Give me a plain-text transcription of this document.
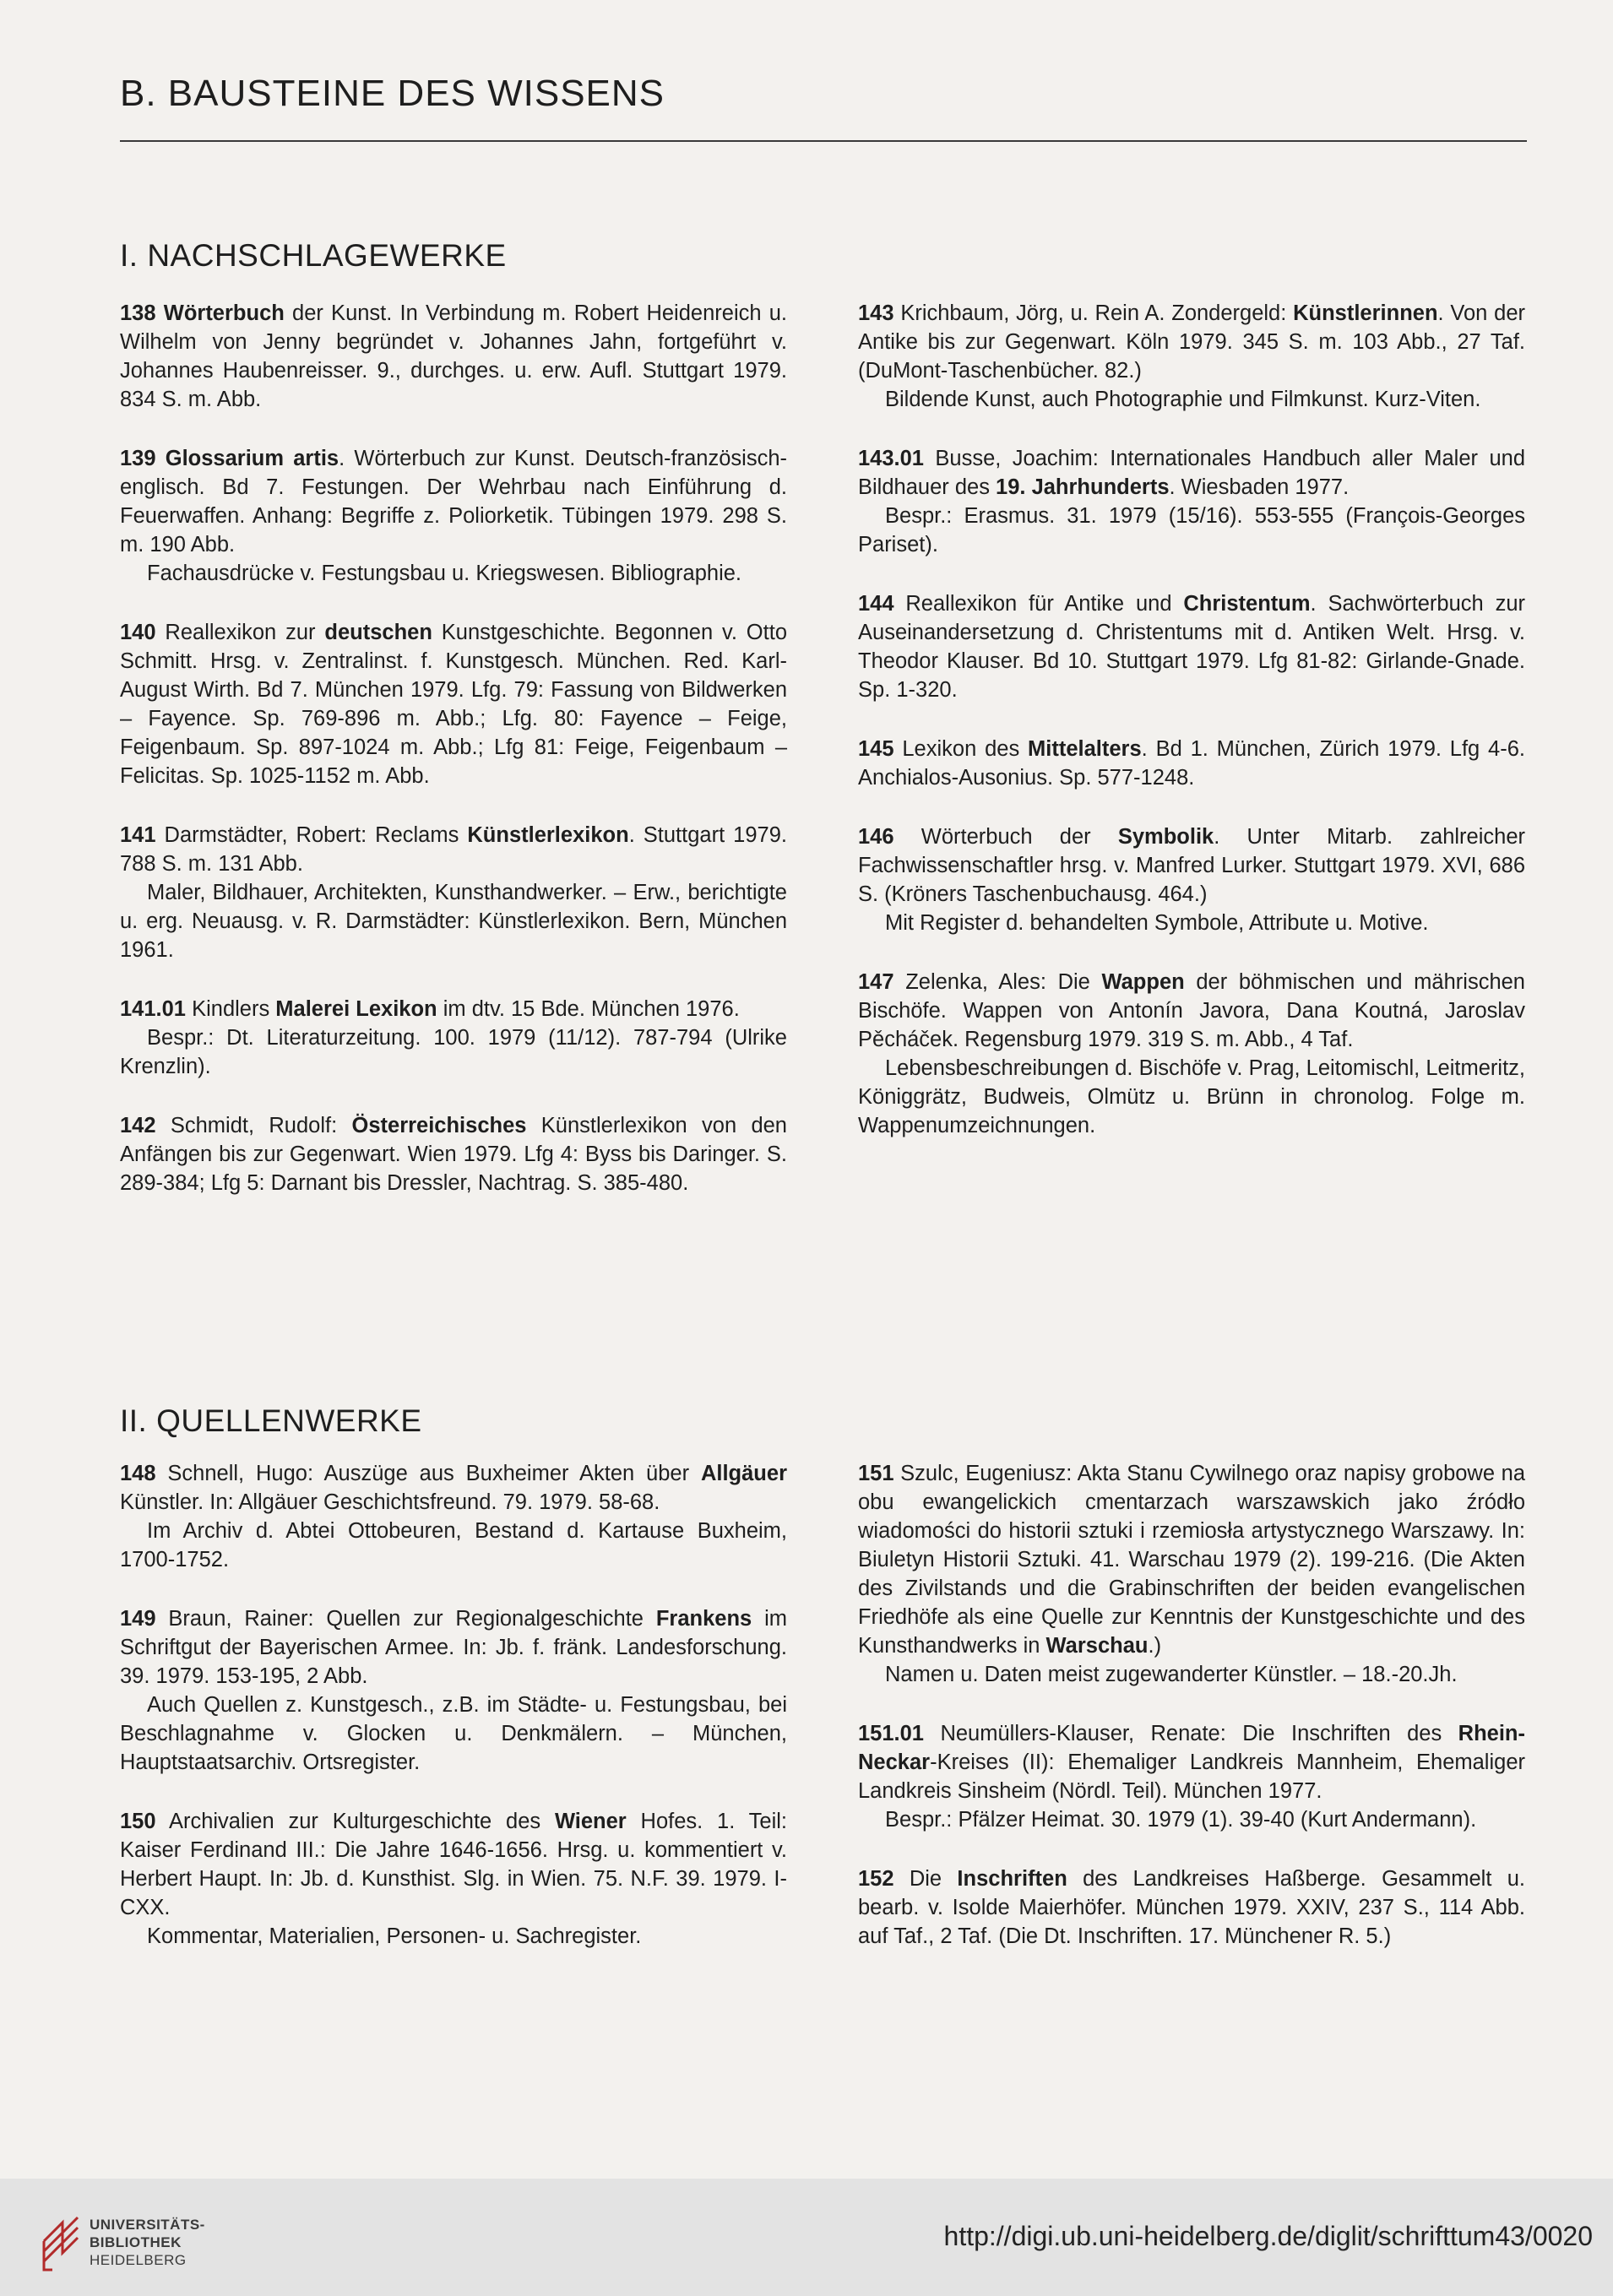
B. BAUSTEINE DES WISSENS
I. NACHSCHLAGEWERKE

138 Wörterbuch der Kunst. In Verbindung m. Robert Heidenreich u. Wilhelm von Jenny begründet v. Johannes Jahn, fortgeführt v. Johannes Haubenreisser. 9., durchges. u. erw. Aufl. Stuttgart 1979. 834 S. m. Abb.

139 Glossarium artis. Wörterbuch zur Kunst. Deutsch-französisch-englisch. Bd 7. Festungen. Der Wehrbau nach Einführung d. Feuerwaffen. Anhang: Begriffe z. Poliorketik. Tübingen 1979. 298 S. m. 190 Abb.

Fachausdrücke v. Festungsbau u. Kriegswesen. Bibliographie.

140 Reallexikon zur deutschen Kunstgeschichte. Begonnen v. Otto Schmitt. Hrsg. v. Zentralinst. f. Kunstgesch. München. Red. Karl-August Wirth. Bd 7. München 1979. Lfg. 79: Fassung von Bildwerken – Fayence. Sp. 769-896 m. Abb.; Lfg. 80: Fayence – Feige, Feigenbaum. Sp. 897-1024 m. Abb.; Lfg 81: Feige, Feigenbaum – Felicitas. Sp. 1025-1152 m. Abb.

141 Darmstädter, Robert: Reclams Künstlerlexikon. Stuttgart 1979. 788 S. m. 131 Abb.

Maler, Bildhauer, Architekten, Kunsthandwerker. – Erw., berichtigte u. erg. Neuausg. v. R. Darmstädter: Künstlerlexikon. Bern, München 1961.

141.01 Kindlers Malerei Lexikon im dtv. 15 Bde. München 1976.

Bespr.: Dt. Literaturzeitung. 100. 1979 (11/12). 787-794 (Ulrike Krenzlin).

142 Schmidt, Rudolf: Österreichisches Künstlerlexikon von den Anfängen bis zur Gegenwart. Wien 1979. Lfg 4: Byss bis Daringer. S. 289-384; Lfg 5: Darnant bis Dressler, Nachtrag. S. 385-480.

143 Krichbaum, Jörg, u. Rein A. Zondergeld: Künstlerinnen. Von der Antike bis zur Gegenwart. Köln 1979. 345 S. m. 103 Abb., 27 Taf. (DuMont-Taschenbücher. 82.)

Bildende Kunst, auch Photographie und Filmkunst. Kurz-Viten.

143.01 Busse, Joachim: Internationales Handbuch aller Maler und Bildhauer des 19. Jahrhunderts. Wiesbaden 1977.

Bespr.: Erasmus. 31. 1979 (15/16). 553-555 (François-Georges Pariset).

144 Reallexikon für Antike und Christentum. Sachwörterbuch zur Auseinandersetzung d. Christentums mit d. Antiken Welt. Hrsg. v. Theodor Klauser. Bd 10. Stuttgart 1979. Lfg 81-82: Girlande-Gnade. Sp. 1-320.

145 Lexikon des Mittelalters. Bd 1. München, Zürich 1979. Lfg 4-6. Anchialos-Ausonius. Sp. 577-1248.

146 Wörterbuch der Symbolik. Unter Mitarb. zahlreicher Fachwissenschaftler hrsg. v. Manfred Lurker. Stuttgart 1979. XVI, 686 S. (Kröners Taschenbuchausg. 464.)

Mit Register d. behandelten Symbole, Attribute u. Motive.

147 Zelenka, Ales: Die Wappen der böhmischen und mährischen Bischöfe. Wappen von Antonín Javora, Dana Koutná, Jaroslav Pěcháček. Regensburg 1979. 319 S. m. Abb., 4 Taf.

Lebensbeschreibungen d. Bischöfe v. Prag, Leitomischl, Leitmeritz, Königgrätz, Budweis, Olmütz u. Brünn in chronolog. Folge m. Wappenumzeichnungen.

II. QUELLENWERKE

148 Schnell, Hugo: Auszüge aus Buxheimer Akten über Allgäuer Künstler. In: Allgäuer Geschichtsfreund. 79. 1979. 58-68.

Im Archiv d. Abtei Ottobeuren, Bestand d. Kartause Buxheim, 1700-1752.

149 Braun, Rainer: Quellen zur Regionalgeschichte Frankens im Schriftgut der Bayerischen Armee. In: Jb. f. fränk. Landesforschung. 39. 1979. 153-195, 2 Abb.

Auch Quellen z. Kunstgesch., z.B. im Städte- u. Festungsbau, bei Beschlagnahme v. Glocken u. Denkmälern. – München, Hauptstaatsarchiv. Ortsregister.

150 Archivalien zur Kulturgeschichte des Wiener Hofes. 1. Teil: Kaiser Ferdinand III.: Die Jahre 1646-1656. Hrsg. u. kommentiert v. Herbert Haupt. In: Jb. d. Kunsthist. Slg. in Wien. 75. N.F. 39. 1979. I-CXX.

Kommentar, Materialien, Personen- u. Sachregister.

151 Szulc, Eugeniusz: Akta Stanu Cywilnego oraz napisy grobowe na obu ewangelickich cmentarzach warszawskich jako źródło wiadomości do historii sztuki i rzemiosła artystycznego Warszawy. In: Biuletyn Historii Sztuki. 41. Warschau 1979 (2). 199-216. (Die Akten des Zivilstands und die Grabinschriften der beiden evangelischen Friedhöfe als eine Quelle zur Kenntnis der Kunstgeschichte und des Kunsthandwerks in Warschau.)

Namen u. Daten meist zugewanderter Künstler. – 18.-20.Jh.

151.01 Neumüllers-Klauser, Renate: Die Inschriften des Rhein-Neckar-Kreises (II): Ehemaliger Landkreis Mannheim, Ehemaliger Landkreis Sinsheim (Nördl. Teil). München 1977.

Bespr.: Pfälzer Heimat. 30. 1979 (1). 39-40 (Kurt Andermann).

152 Die Inschriften des Landkreises Haßberge. Gesammelt u. bearb. v. Isolde Maierhöfer. München 1979. XXIV, 237 S., 114 Abb. auf Taf., 2 Taf. (Die Dt. Inschriften. 17. Münchener R. 5.)

UNIVERSITÄTS-
BIBLIOTHEK
HEIDELBERG
http://digi.ub.uni-heidelberg.de/diglit/schrifttum43/0020
